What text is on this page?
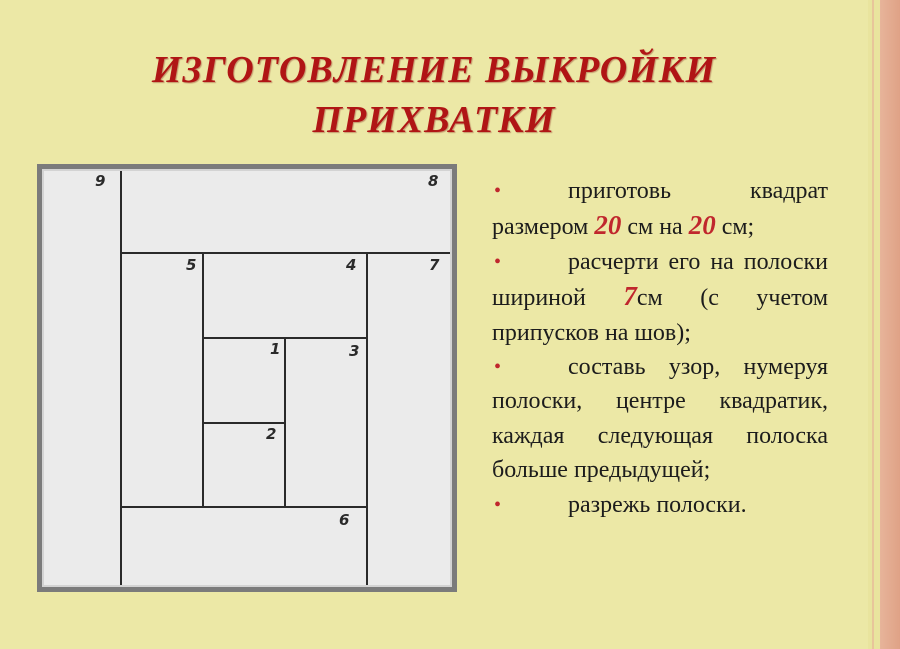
ИЗГОТОВЛЕНИЕ ВЫКРОЙКИ
ПРИХВАТКИ
9	8
5	4	7
1	3
2
6
•	приготовь квадрат размером 20 см на 20 см;
•	расчерти его на полоски шириной 7см (с учетом припусков на шов);
•	составь узор, нумеруя полоски, центре квадратик, каждая следующая полоска больше предыдущей;
•	разрежь полоски.
